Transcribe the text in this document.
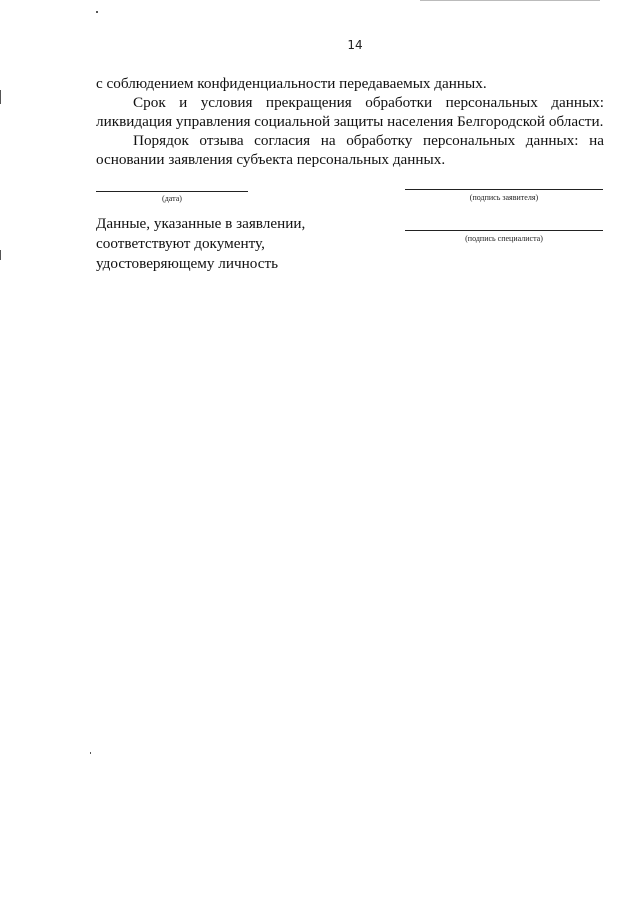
14

с соблюдением конфиденциальности передаваемых данных.

Срок и условия прекращения обработки персональных данных: ликвидация управления социальной защиты населения Белгородской области.

Порядок отзыва согласия на обработку персональных данных: на основании заявления субъекта персональных данных.

(дата)	(подпись заявителя)
(подпись специалиста)
Данные, указанные в заявлении,
соответствуют документу,
удостоверяющему личность
